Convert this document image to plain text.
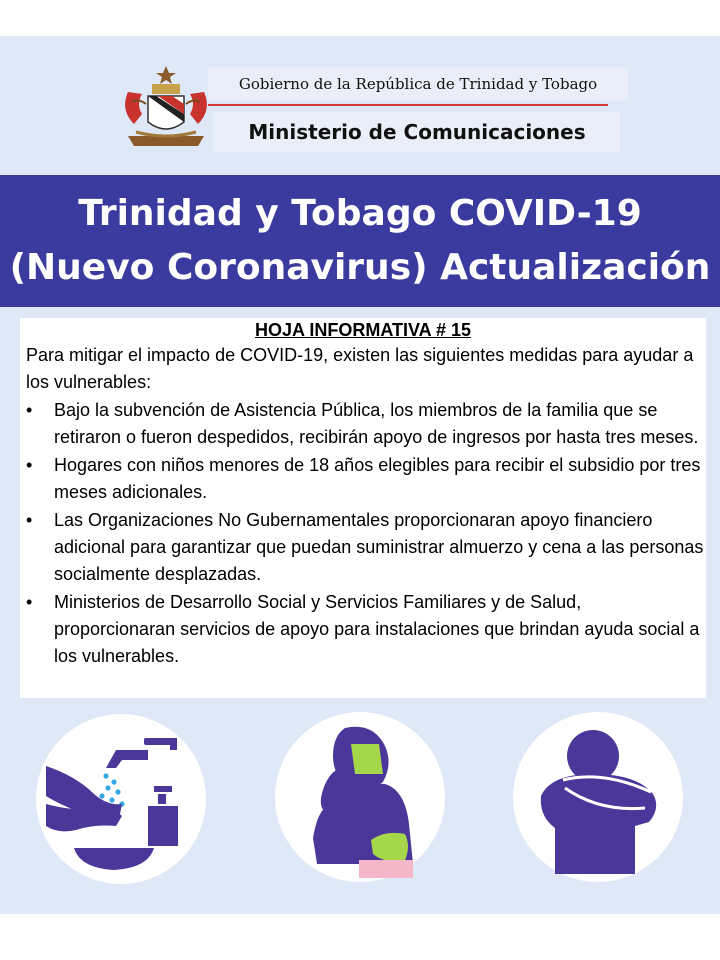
Gobierno de la República de Trinidad y Tobago
Ministerio de Comunicaciones
Trinidad y Tobago COVID-19
(Nuevo Coronavirus) Actualización
HOJA INFORMATIVA # 15

Para mitigar el impacto de COVID-19, existen las siguientes medidas para ayudar a los vulnerables:

• Bajo la subvención de Asistencia Pública, los miembros de la familia que se retiraron o fueron despedidos, recibirán apoyo de ingresos por hasta tres meses.
• Hogares con niños menores de 18 años elegibles para recibir el subsidio por tres meses adicionales.
• Las Organizaciones No Gubernamentales proporcionaran apoyo financiero adicional para garantizar que puedan suministrar almuerzo y cena a las personas socialmente desplazadas.
• Ministerios de Desarrollo Social y Servicios Familiares y de Salud, proporcionaran servicios de apoyo para instalaciones que brindan ayuda social a los vulnerables.
